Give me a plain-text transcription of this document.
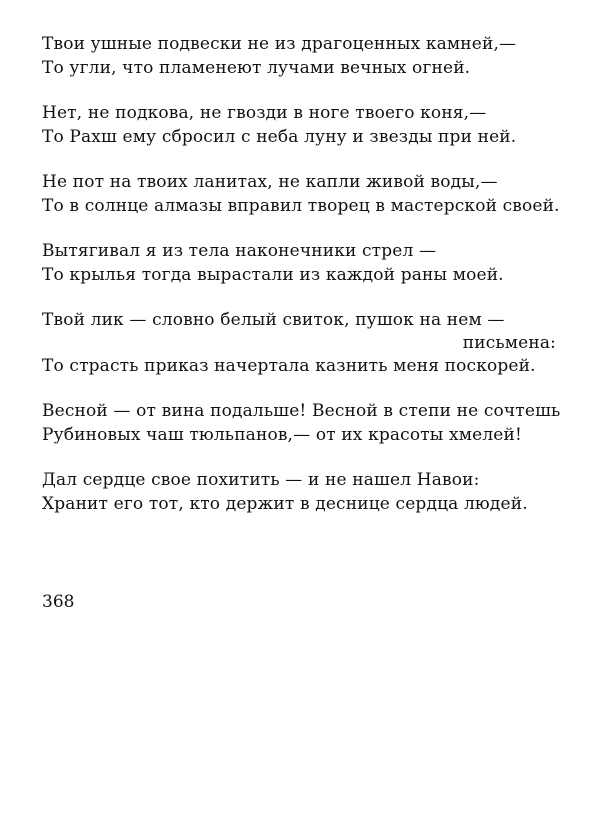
Твои ушные подвески не из драгоценных камней,—
То угли, что пламенеют лучами вечных огней.
Нет, не подкова, не гвозди в ноге твоего коня,—
То Рахш ему сбросил с неба луну и звезды при ней.
Не пот на твоих ланитах, не капли живой воды,—
То в солнце алмазы вправил творец в мастерской своей.
Вытягивал я из тела наконечники стрел —
То крылья тогда вырастали из каждой раны моей.
Твой лик — словно белый свиток, пушок на нем —
письмена:
То страсть приказ начертала казнить меня поскорей.
Весной — от вина подальше! Весной в степи не сочтешь
Рубиновых чаш тюльпанов,— от их красоты хмелей!
Дал сердце свое похитить — и не нашел Навои:
Хранит его тот, кто держит в деснице сердца людей.
368
